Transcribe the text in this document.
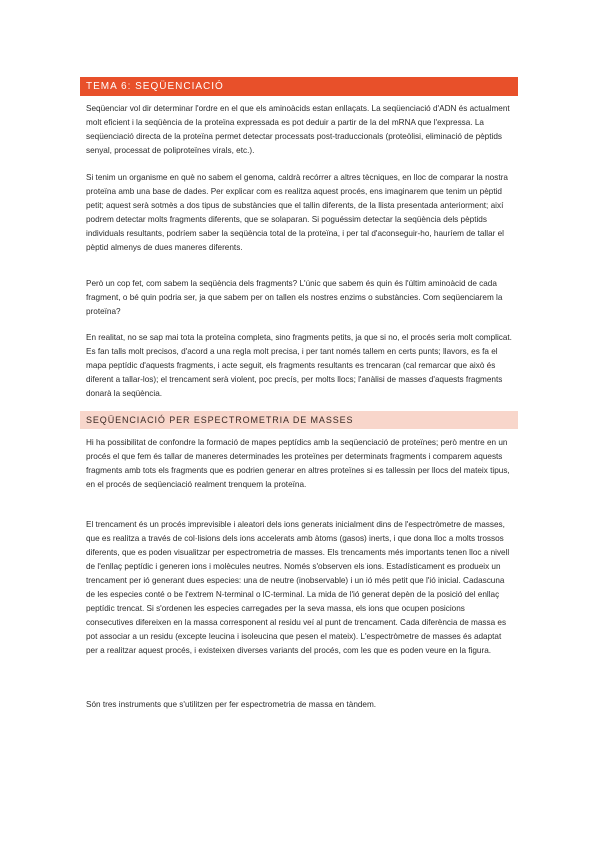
TEMA 6: SEQÜENCIACIÓ

Seqüenciar vol dir determinar l'ordre en el que els aminoàcids estan enllaçats. La seqüenciació d'ADN és actualment molt eficient i la seqüència de la proteïna expressada es pot deduir a partir de la del mRNA que l'expressa. La seqüenciació directa de la proteïna permet detectar processats post-traduccionals (proteòlisi, eliminació de pèptids senyal, processat de poliproteïnes virals, etc.).

Si tenim un organisme en què no sabem el genoma, caldrà recórrer a altres tècniques, en lloc de comparar la nostra proteïna amb una base de dades. Per explicar com es realitza aquest procés, ens imaginarem que tenim un pèptid petit; aquest serà sotmès a dos tipus de substàncies que el tallin diferents, de la llista presentada anteriorment; així podrem detectar molts fragments diferents, que se solaparan. Si poguéssim detectar la seqüència dels pèptids individuals resultants, podríem saber la seqüència total de la proteïna, i per tal d'aconseguir-ho, hauríem de tallar el pèptid almenys de dues maneres diferents.

Però un cop fet, com sabem la seqüència dels fragments? L'únic que sabem és quin és l'últim aminoàcid de cada fragment, o bé quin podria ser, ja que sabem per on tallen els nostres enzims o substàncies. Com seqüenciarem la proteïna?

En realitat, no se sap mai tota la proteïna completa, sino fragments petits, ja que si no, el procés seria molt complicat. Es fan talls molt precisos, d'acord a una regla molt precisa, i per tant només tallem en certs punts; llavors, es fa el mapa peptídic d'aquests fragments, i acte seguit, els fragments resultants es trencaran (cal remarcar que això és diferent a tallar-los); el trencament serà violent, poc precís, per molts llocs; l'anàlisi de masses d'aquests fragments donarà la seqüència.

SEQÜENCIACIÓ PER ESPECTROMETRIA DE MASSES

Hi ha possibilitat de confondre la formació de mapes peptídics amb la seqüenciació de proteïnes; però mentre en un procés el que fem és tallar de maneres determinades les proteïnes per determinats fragments i comparem aquests fragments amb tots els fragments que es podrien generar en altres proteïnes si es tallessin per llocs del mateix tipus, en el procés de seqüenciació realment trenquem la proteïna.

El trencament és un procés imprevisible i aleatori dels ions generats inicialment dins de l'espectròmetre de masses, que es realitza a través de col·lisions dels ions accelerats amb àtoms (gasos) inerts, i que dona lloc a molts trossos diferents, que es poden visualitzar per espectrometria de masses. Els trencaments més importants tenen lloc a nivell de l'enllaç peptídic i generen ions i molècules neutres. Només s'observen els ions. Estadísticament es produeix un trencament per ió generant dues especies: una de neutre (inobservable) i un ió més petit que l'ió inicial. Cadascuna de les especies conté o be l'extrem N-terminal o lC-terminal. La mida de l'ió generat depèn de la posició del enllaç peptídic trencat. Si s'ordenen les especies carregades per la seva massa, els ions que ocupen posicions consecutives difereixen en la massa corresponent al residu veí al punt de trencament. Cada diferència de massa es pot associar a un residu (excepte leucina i isoleucina que pesen el mateix). L'espectròmetre de masses és adaptat per a realitzar aquest procés, i existeixen diverses variants del procés, com les que es poden veure en la figura.

Són tres instruments que s'utilitzen per fer espectrometria de massa en tàndem.
